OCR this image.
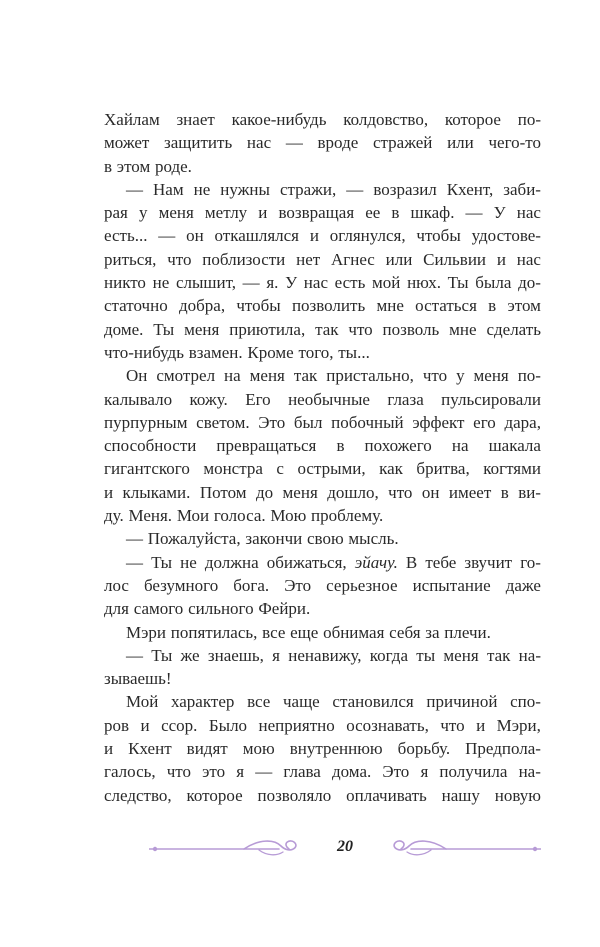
Хайлам знает какое-нибудь колдовство, которое по-
может защитить нас — вроде стражей или чего-то
в этом роде.
— Нам не нужны стражи, — возразил Кхент, заби-
рая у меня метлу и возвращая ее в шкаф. — У нас
есть... — он откашлялся и оглянулся, чтобы удостове-
риться, что поблизости нет Агнес или Сильвии и нас
никто не слышит, — я. У нас есть мой нюх. Ты была до-
статочно добра, чтобы позволить мне остаться в этом
доме. Ты меня приютила, так что позволь мне сделать
что-нибудь взамен. Кроме того, ты...
Он смотрел на меня так пристально, что у меня по-
калывало кожу. Его необычные глаза пульсировали
пурпурным светом. Это был побочный эффект его дара,
способности превращаться в похожего на шакала
гигантского монстра с острыми, как бритва, когтями
и клыками. Потом до меня дошло, что он имеет в ви-
ду. Меня. Мои голоса. Мою проблему.
— Пожалуйста, закончи свою мысль.
— Ты не должна обижаться, эйачу. В тебе звучит го-
лос безумного бога. Это серьезное испытание даже
для самого сильного Фейри.
Мэри попятилась, все еще обнимая себя за плечи.
— Ты же знаешь, я ненавижу, когда ты меня так на-
зываешь!
Мой характер все чаще становился причиной спо-
ров и ссор. Было неприятно осознавать, что и Мэри,
и Кхент видят мою внутреннюю борьбу. Предпола-
галось, что это я — глава дома. Это я получила на-
следство, которое позволяло оплачивать нашу новую
20
